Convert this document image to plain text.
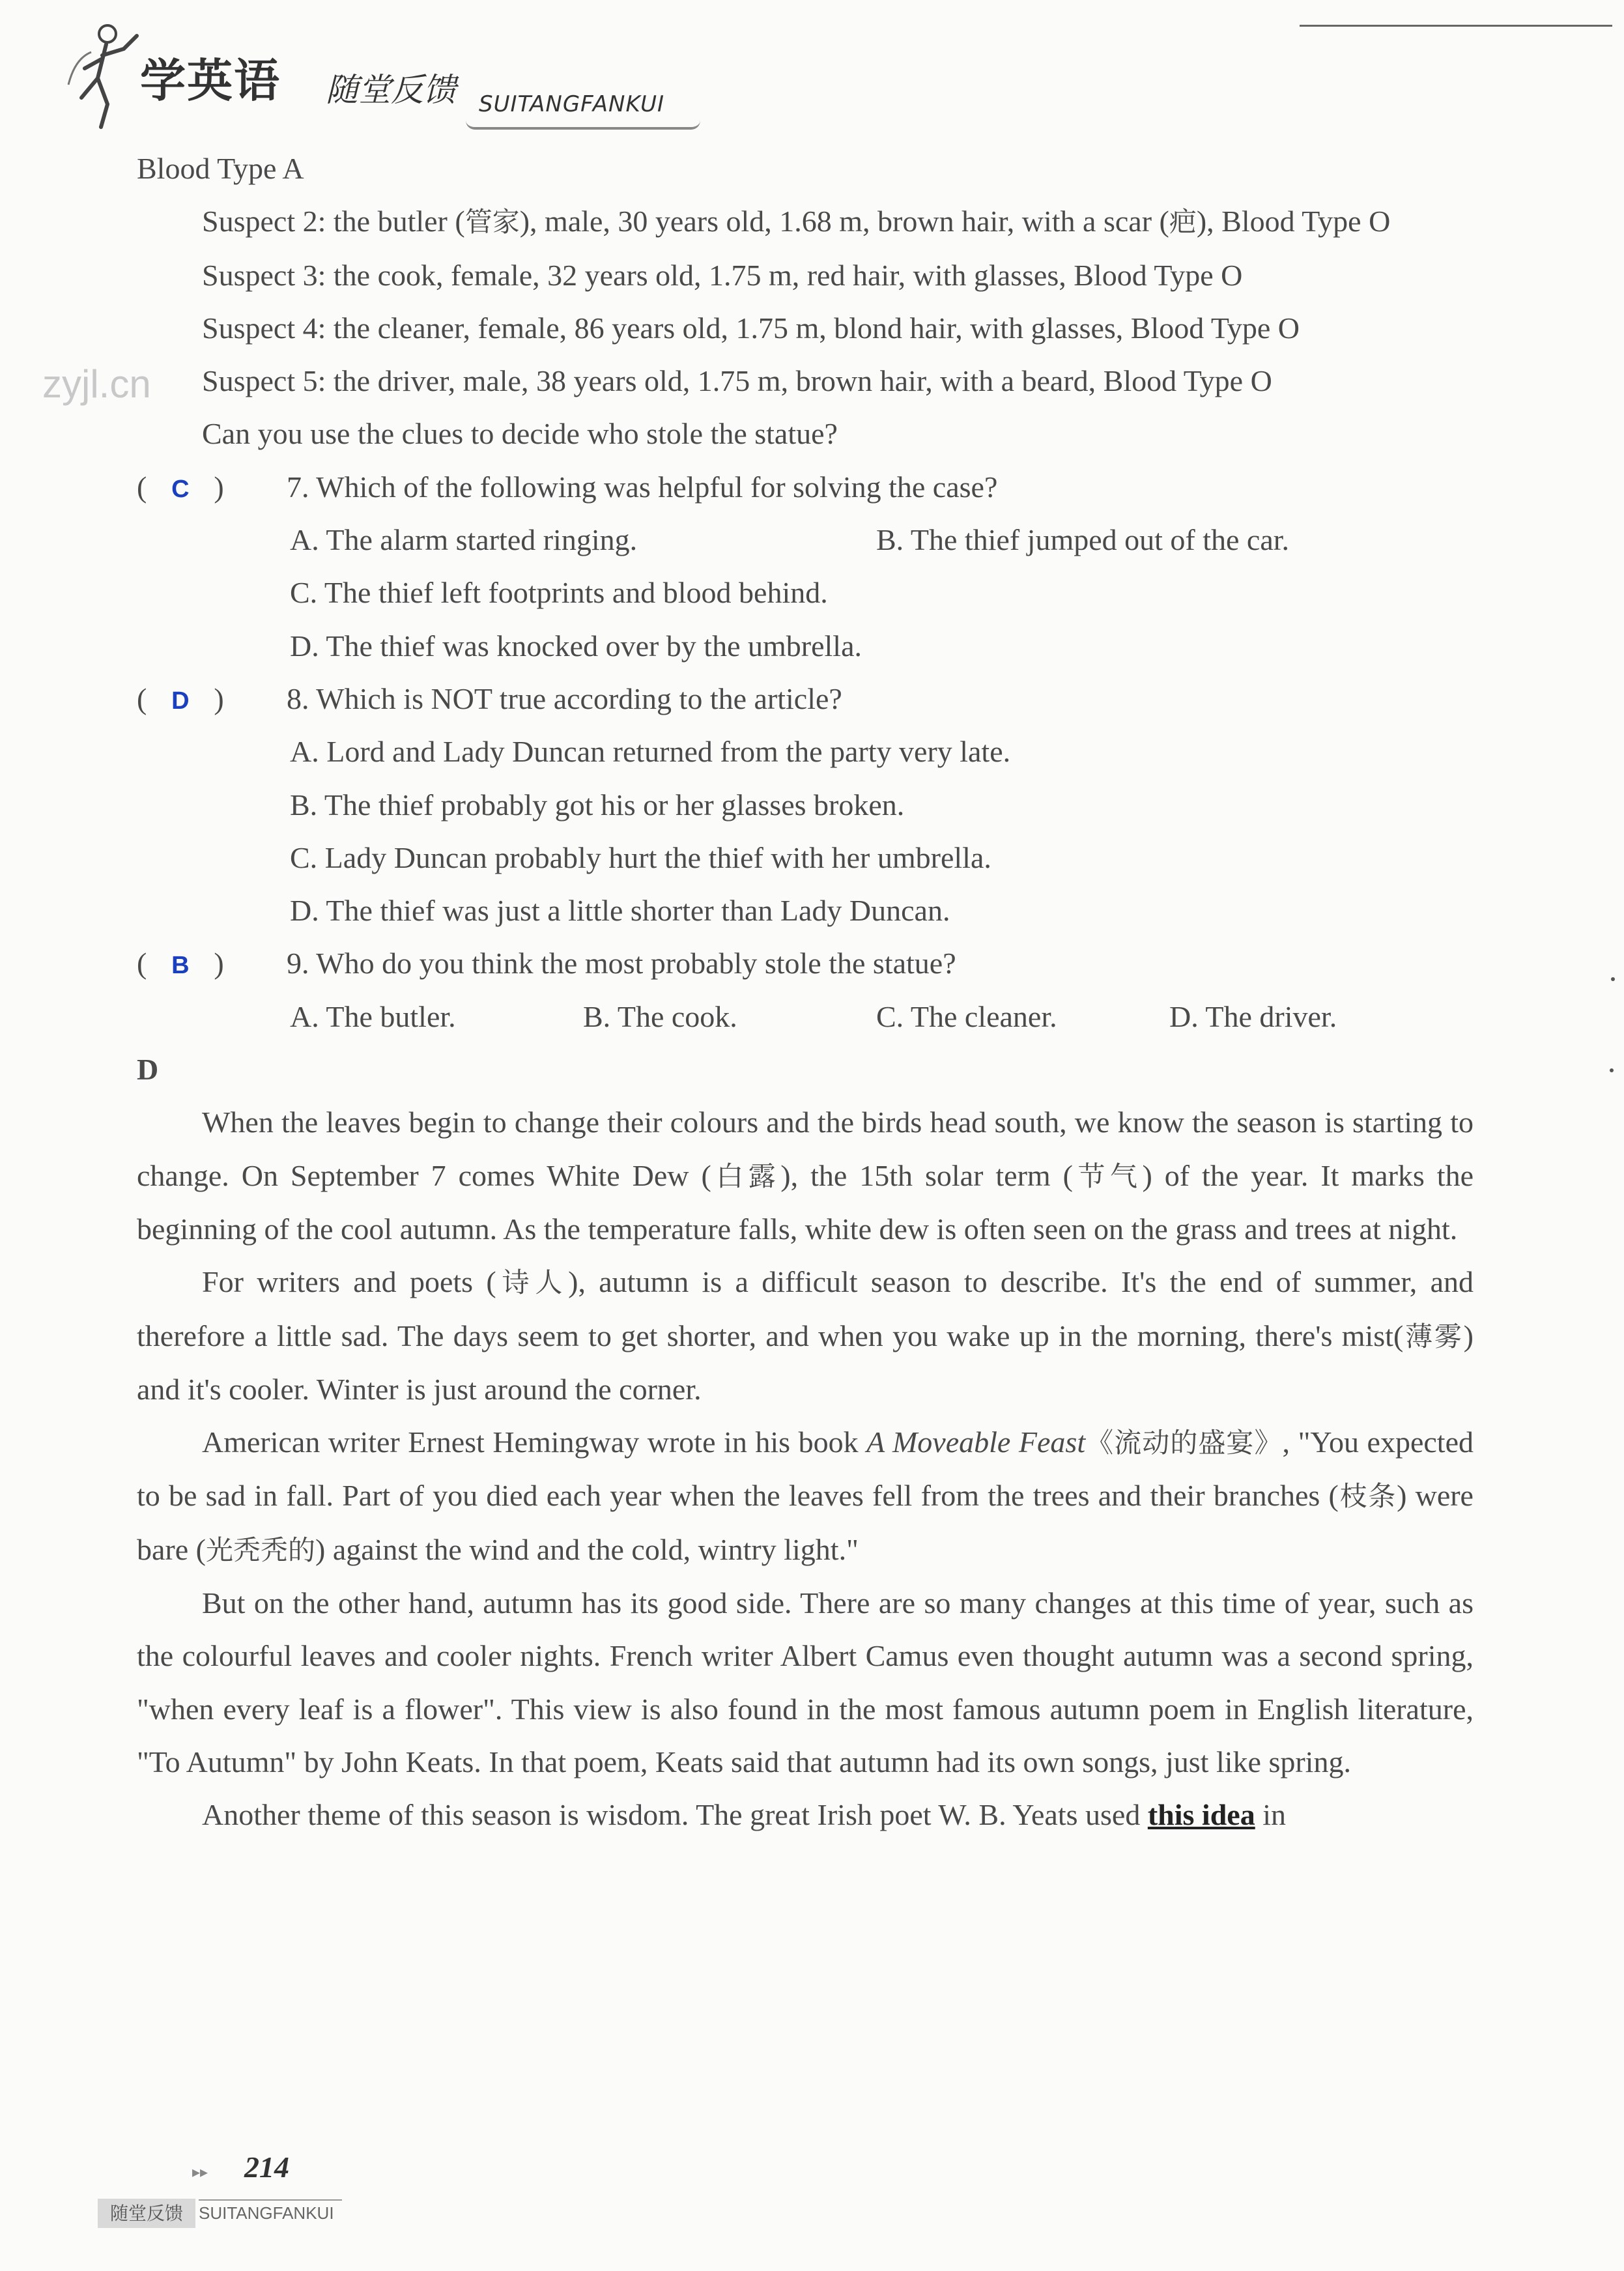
学英语 随堂反馈 SUITANGFANKUI
zyjl.cn

Blood Type A

Suspect 2: the butler (管家), male, 30 years old, 1.68 m, brown hair, with a scar (疤), Blood Type O

Suspect 3: the cook, female, 32 years old, 1.75 m, red hair, with glasses, Blood Type O

Suspect 4: the cleaner, female, 86 years old, 1.75 m, blond hair, with glasses, Blood Type O

Suspect 5: the driver, male, 38 years old, 1.75 m, brown hair, with a beard, Blood Type O

Can you use the clues to decide who stole the statue?

( C )	7. Which of the following was helpful for solving the case?

A. The alarm started ringing.	B. The thief jumped out of the car.

C. The thief left footprints and blood behind.

D. The thief was knocked over by the umbrella.

( D )	8. Which is NOT true according to the article?

A. Lord and Lady Duncan returned from the party very late.

B. The thief probably got his or her glasses broken.

C. Lady Duncan probably hurt the thief with her umbrella.

D. The thief was just a little shorter than Lady Duncan.

( B )	9. Who do you think the most probably stole the statue?

A. The butler.	B. The cook.	C. The cleaner.	D. The driver.

D

When the leaves begin to change their colours and the birds head south, we know the season is starting to change. On September 7 comes White Dew (白露), the 15th solar term (节气) of the year. It marks the beginning of the cool autumn. As the temperature falls, white dew is often seen on the grass and trees at night.

For writers and poets (诗人), autumn is a difficult season to describe. It's the end of summer, and therefore a little sad. The days seem to get shorter, and when you wake up in the morning, there's mist(薄雾) and it's cooler. Winter is just around the corner.

American writer Ernest Hemingway wrote in his book A Moveable Feast《流动的盛宴》, "You expected to be sad in fall. Part of you died each year when the leaves fell from the trees and their branches (枝条) were bare (光秃秃的) against the wind and the cold, wintry light."

But on the other hand, autumn has its good side. There are so many changes at this time of year, such as the colourful leaves and cooler nights. French writer Albert Camus even thought autumn was a second spring, "when every leaf is a flower". This view is also found in the most famous autumn poem in English literature, "To Autumn" by John Keats. In that poem, Keats said that autumn had its own songs, just like spring.

Another theme of this season is wisdom. The great Irish poet W. B. Yeats used this idea in

▸▸ 214
随堂反馈 SUITANGFANKUI
